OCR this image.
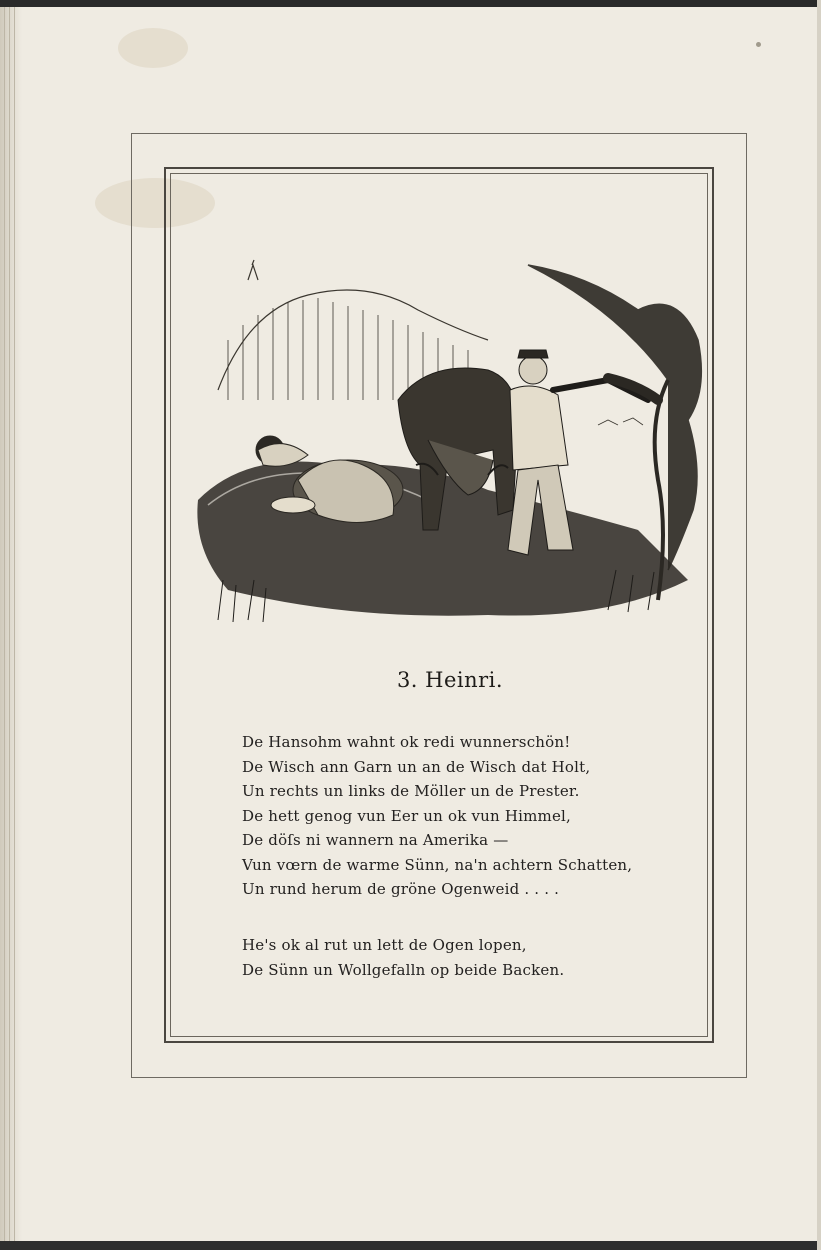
3. Heinri.
De Hansohm wahnt ok redi wunnerschön!
De Wisch ann Garn un an de Wisch dat Holt,
Un rechts un links de Möller un de Prester.
De hett genog vun Eer un ok vun Himmel,
De döſs ni wannern na Amerika —
Vun vœrn de warme Sünn, na'n achtern Schatten,
Un rund herum de gröne Ogenweid . . . .
He's ok al rut un lett de Ogen lopen,
De Sünn un Wollgefalln op beide Backen.
